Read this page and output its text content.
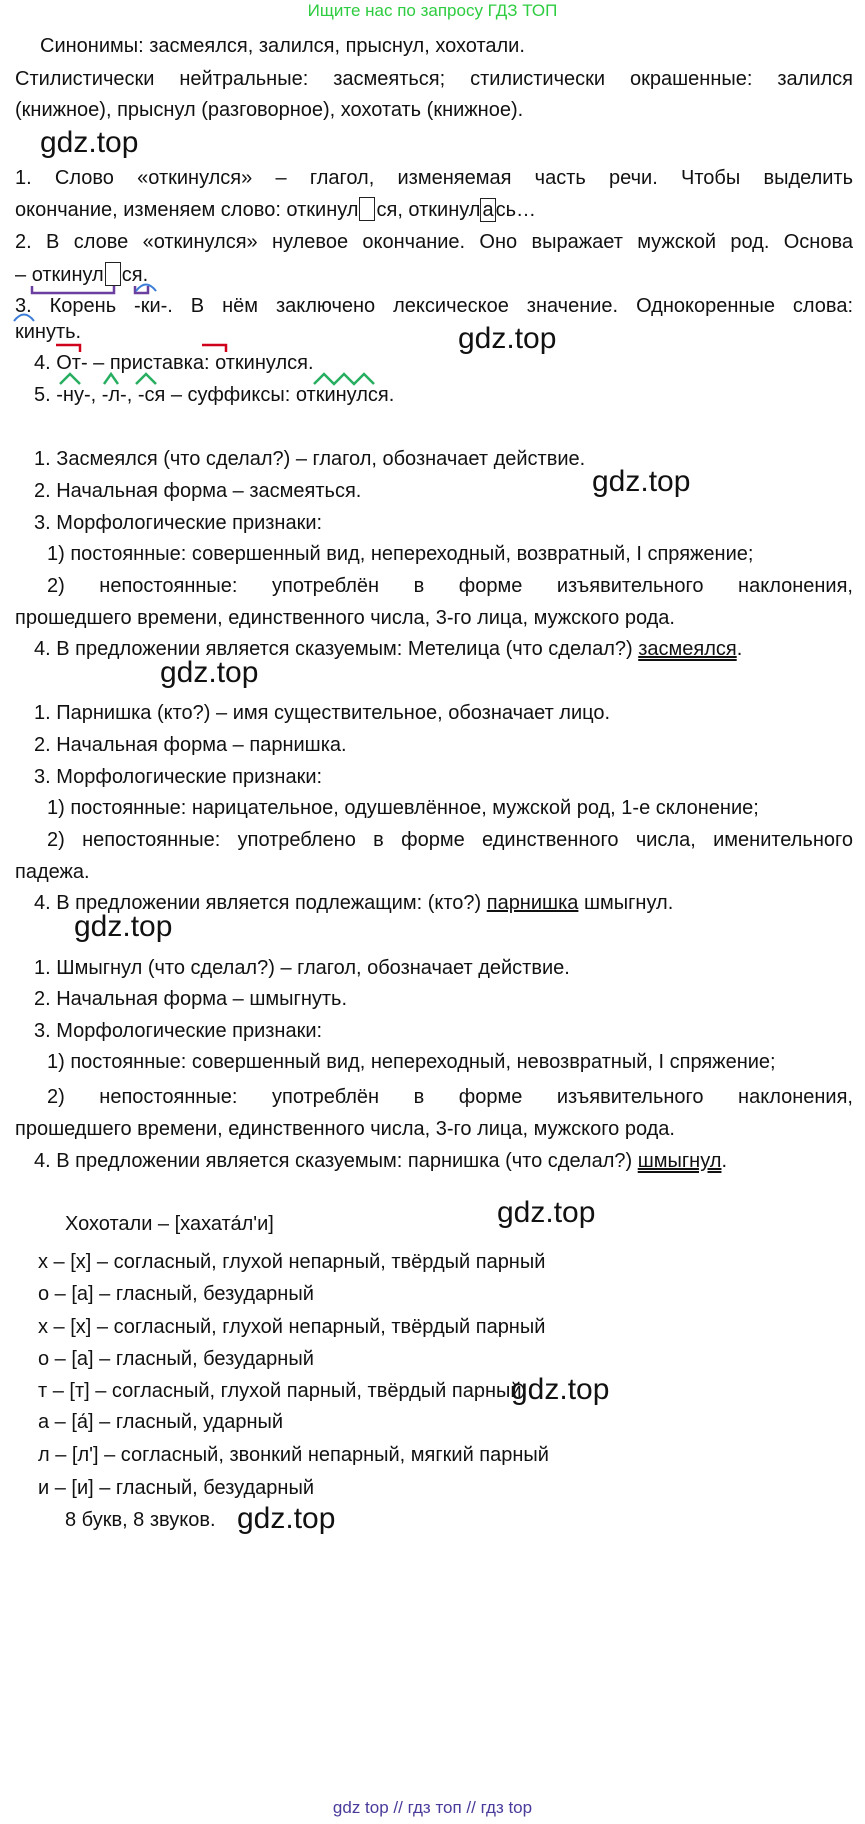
Ищите нас по запросу ГДЗ ТОП
Синонимы: засмеялся, залился, прыснул, хохотали.
Стилистически нейтральные: засмеяться; стилистически окрашенные: залился
(книжное), прыснул (разговорное), хохотать (книжное).
gdz.top
1. Слово «откинулся» – глагол, изменяемая часть речи. Чтобы выделить
окончание, изменяем слово: откинул ся, откинул а сь…
2. В слове «откинулся» нулевое окончание. Оно выражает мужской род. Основа
– откинул ся.
3. Корень -ки-. В нём заключено лексическое значение. Однокоренные слова:
кинуть.	gdz.top
4. От- – приставка: откинулся.
5. -ну-, -л-, -ся – суффиксы: откинулся.
1. Засмеялся (что сделал?) – глагол, обозначает действие.
gdz.top
2. Начальная форма – засмеяться.
3. Морфологические признаки:
1) постоянные: совершенный вид, непереходный, возвратный, I спряжение;
2) непостоянные: употреблён в форме изъявительного наклонения,
прошедшего времени, единственного числа, 3-го лица, мужского рода.
4. В предложении является сказуемым: Метелица (что сделал?) засмеялся.
gdz.top
1. Парнишка (кто?) – имя существительное, обозначает лицо.
2. Начальная форма – парнишка.
3. Морфологические признаки:
1) постоянные: нарицательное, одушевлённое, мужской род, 1-е склонение;
2) непостоянные: употреблено в форме единственного числа, именительного
падежа.
4. В предложении является подлежащим: (кто?) парнишка шмыгнул.
gdz.top
1. Шмыгнул (что сделал?) – глагол, обозначает действие.
2. Начальная форма – шмыгнуть.
3. Морфологические признаки:
1) постоянные: совершенный вид, непереходный, невозвратный, I спряжение;
2) непостоянные: употреблён в форме изъявительного наклонения,
прошедшего времени, единственного числа, 3-го лица, мужского рода.
4. В предложении является сказуемым: парнишка (что сделал?) шмыгнул.
Хохотали – [хахата́л'и]	gdz.top
х – [х] – согласный, глухой непарный, твёрдый парный
о – [а] – гласный, безударный
х – [х] – согласный, глухой непарный, твёрдый парный
о – [а] – гласный, безударный
т – [т] – согласный, глухой парный, твёрдый парный
а – [а́] – гласный, ударный
л – [л'] – согласный, звонкий непарный, мягкий парный
и – [и] – гласный, безударный
gdz.top
8 букв, 8 звуков. gdz.top
gdz top // гдз топ // гдз top
